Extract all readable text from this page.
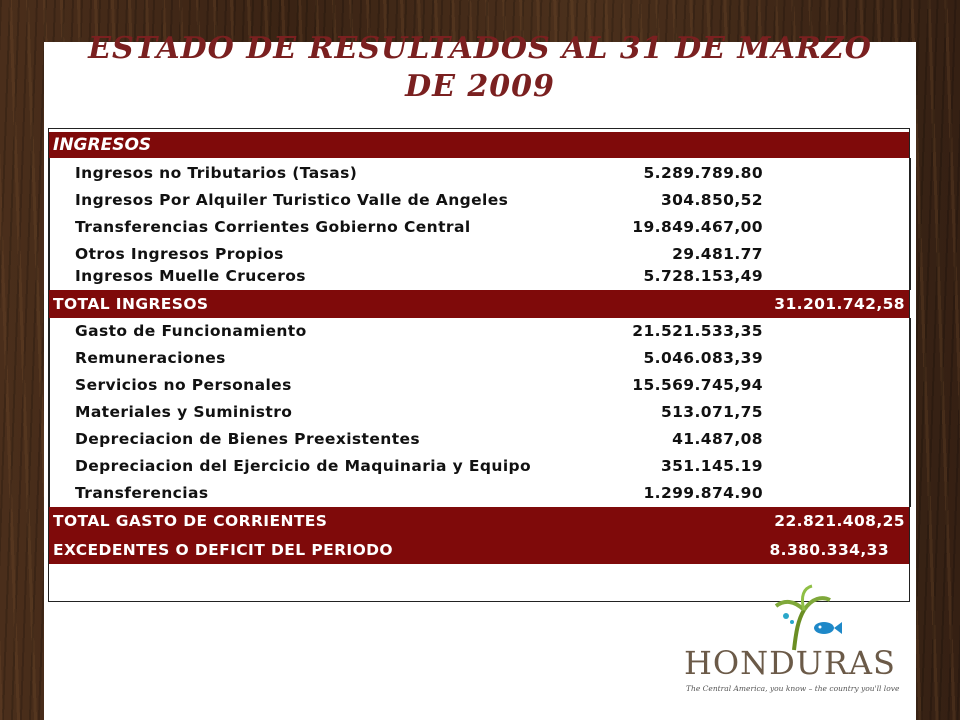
ESTADO DE RESULTADOS AL 31 DE MARZO
DE 2009
INGRESOS
Ingresos no Tributarios (Tasas)	5.289.789.80
Ingresos Por Alquiler Turistico Valle de Angeles	304.850,52
Transferencias Corrientes Gobierno Central	19.849.467,00
Otros Ingresos Propios	29.481.77
Ingresos Muelle Cruceros	5.728.153,49
TOTAL INGRESOS	31.201.742,58
Gasto de Funcionamiento	21.521.533,35
Remuneraciones	5.046.083,39
Servicios no Personales	15.569.745,94
Materiales y Suministro	513.071,75
Depreciacion de Bienes Preexistentes	41.487,08
Depreciacion del Ejercicio de Maquinaria y Equipo	351.145.19
Transferencias	1.299.874.90
TOTAL GASTO DE CORRIENTES	22.821.408,25
EXCEDENTES O DEFICIT DEL PERIODO	8.380.334,33
HONDURAS
The Central America, you know – the country you'll love
